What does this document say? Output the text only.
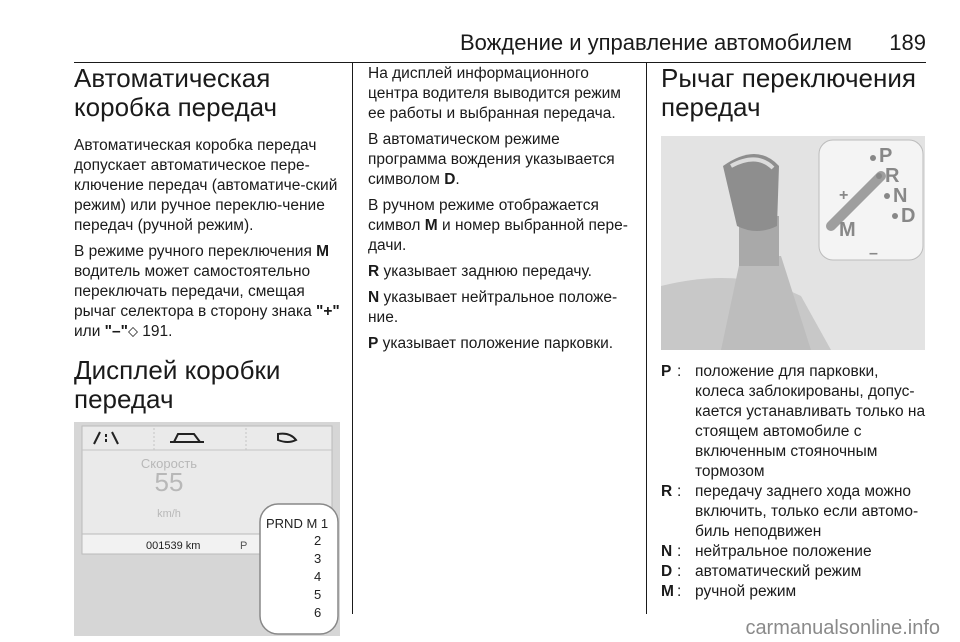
Вождение и управление автомобилем 189
Автоматическая коробка передач

Автоматическая коробка передач допускает автоматическое пере-ключение передач (автоматиче-ский режим) или ручное переклю-чение передач (ручной режим).

В режиме ручного переключения M водитель может самостоятельно переключать передачи, смещая рычаг селектора в сторону знака "+" или "–" 191.

Дисплей коробки передач
Скорость
55
km/h
001539 km	P
PRND M 1
2
3
4
5
6

На дисплей информационного центра водителя выводится режим ее работы и выбранная передача.

В автоматическом режиме программа вождения указывается символом D.

В ручном режиме отображается символ M и номер выбранной пере-дачи.

R указывает заднюю передачу.

N указывает нейтральное положе-ние.

P указывает положение парковки.

Рычаг переключения передач
P
R
N
D
M
+
–
P : положение для парковки, колеса заблокированы, допус-кается устанавливать только на стоящем автомобиле с включенным стояночным тормозом
R : передачу заднего хода можно включить, только если автомо-биль неподвижен
N : нейтральное положение
D : автоматический режим
M : ручной режим
carmanualsonline.info
